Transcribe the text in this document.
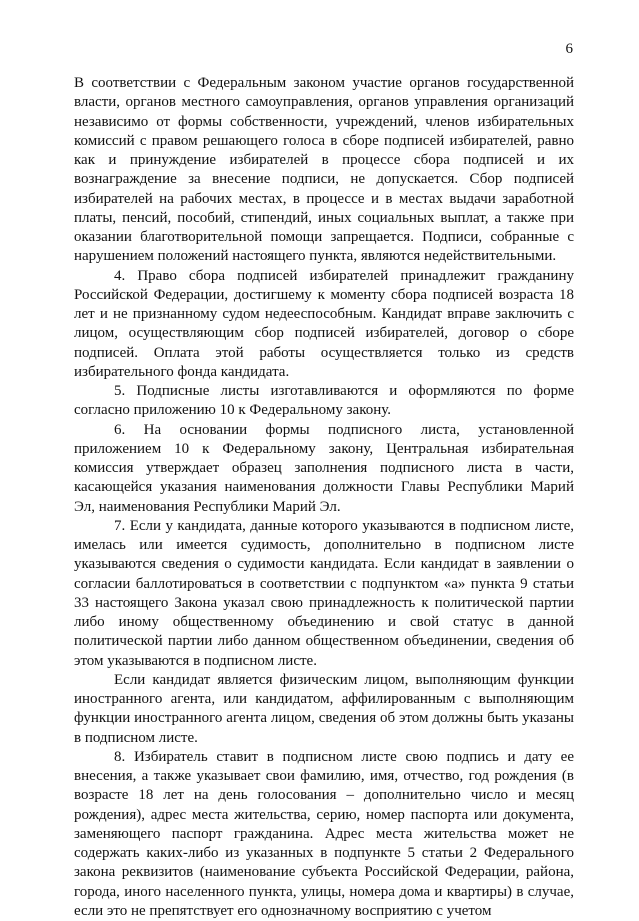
6

В соответствии с Федеральным законом участие органов государственной власти, органов местного самоуправления, органов управления организаций независимо от формы собственности, учреждений, членов избирательных комиссий с правом решающего голоса в сборе подписей избирателей, равно как и принуждение избирателей в процессе сбора подписей и их вознаграждение за внесение подписи, не допускается. Сбор подписей избирателей на рабочих местах, в процессе и в местах выдачи заработной платы, пенсий, пособий, стипендий, иных социальных выплат, а также при оказании благотворительной помощи запрещается. Подписи, собранные с нарушением положений настоящего пункта, являются недействительными.

4. Право сбора подписей избирателей принадлежит гражданину Российской Федерации, достигшему к моменту сбора подписей возраста 18 лет и не признанному судом недееспособным. Кандидат вправе заключить с лицом, осуществляющим сбор подписей избирателей, договор о сборе подписей. Оплата этой работы осуществляется только из средств избирательного фонда кандидата.

5. Подписные листы изготавливаются и оформляются по форме согласно приложению 10 к Федеральному закону.

6. На основании формы подписного листа, установленной приложением 10 к Федеральному закону, Центральная избирательная комиссия утверждает образец заполнения подписного листа в части, касающейся указания наименования должности Главы Республики Марий Эл, наименования Республики Марий Эл.

7. Если у кандидата, данные которого указываются в подписном листе, имелась или имеется судимость, дополнительно в подписном листе указываются сведения о судимости кандидата. Если кандидат в заявлении о согласии баллотироваться в соответствии с подпунктом «а» пункта 9 статьи 33 настоящего Закона указал свою принадлежность к политической партии либо иному общественному объединению и свой статус в данной политической партии либо данном общественном объединении, сведения об этом указываются в подписном листе.

Если кандидат является физическим лицом, выполняющим функции иностранного агента, или кандидатом, аффилированным с выполняющим функции иностранного агента лицом, сведения об этом должны быть указаны в подписном листе.

8. Избиратель ставит в подписном листе свою подпись и дату ее внесения, а также указывает свои фамилию, имя, отчество, год рождения (в возрасте 18 лет на день голосования – дополнительно число и месяц рождения), адрес места жительства, серию, номер паспорта или документа, заменяющего паспорт гражданина. Адрес места жительства может не содержать каких-либо из указанных в подпункте 5 статьи 2 Федерального закона реквизитов (наименование субъекта Российской Федерации, района, города, иного населенного пункта, улицы, номера дома и квартиры) в случае, если это не препятствует его однозначному восприятию с учетом
